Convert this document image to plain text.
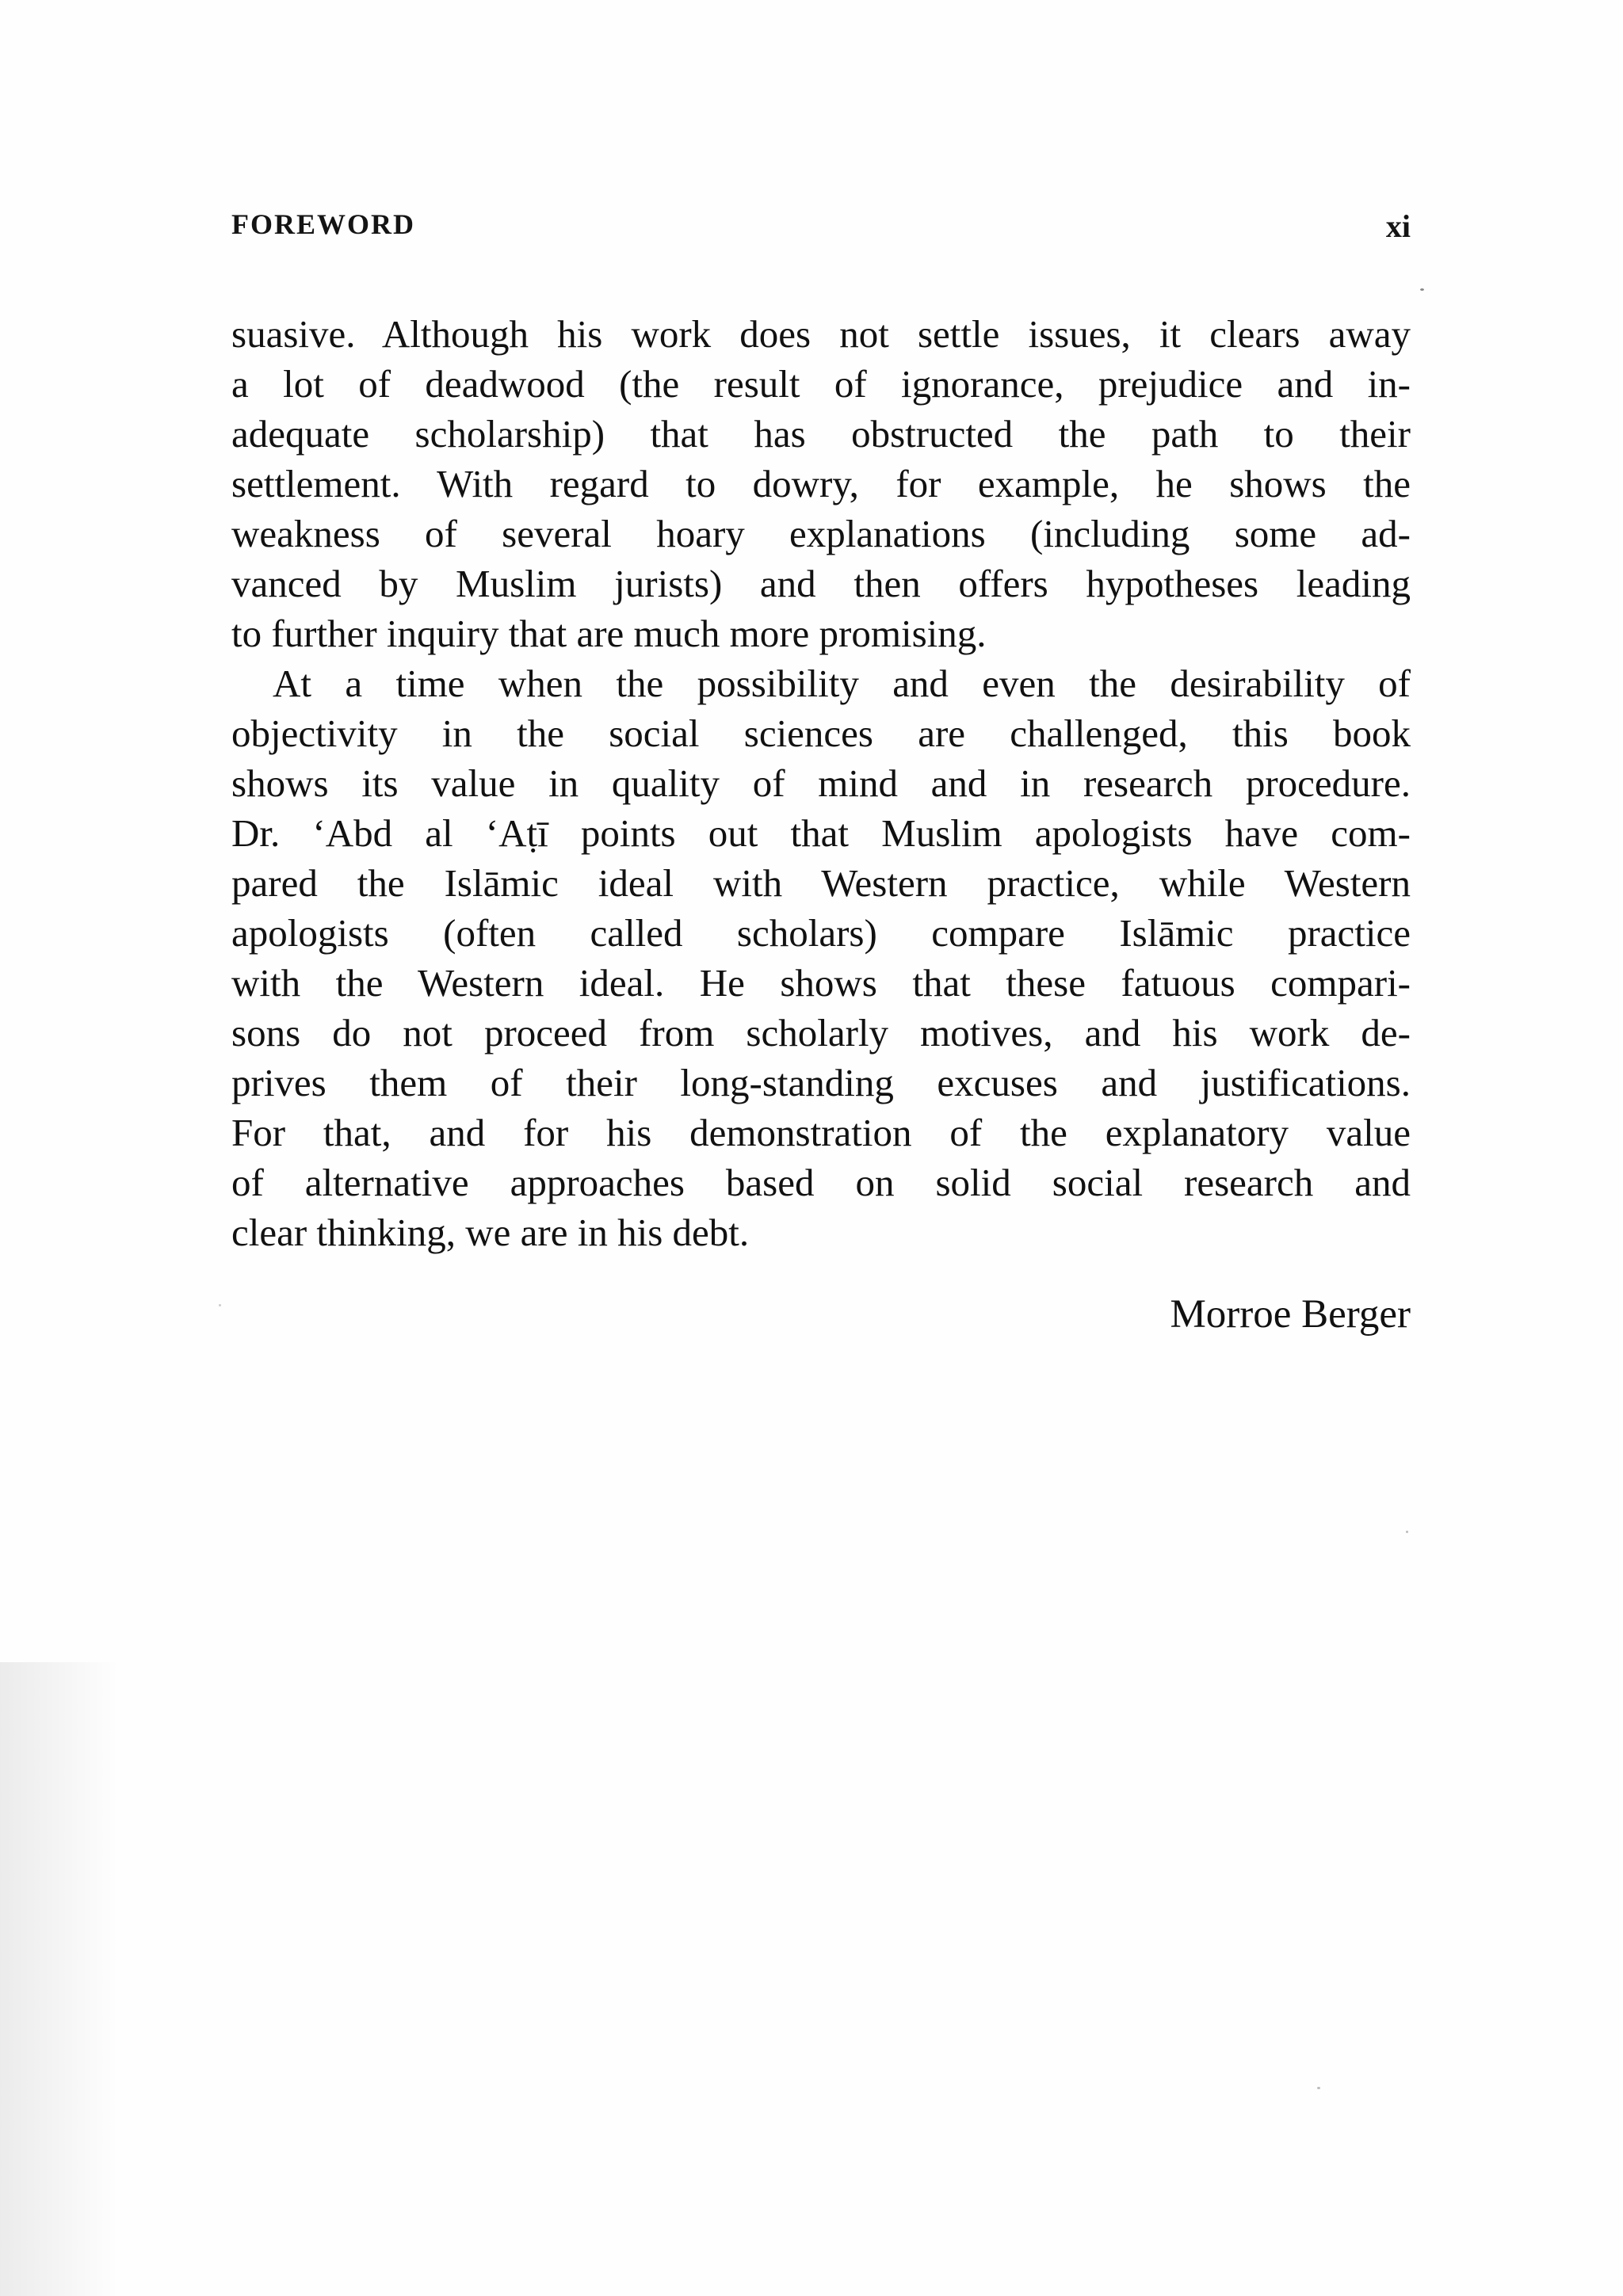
FOREWORD	xi
suasive. Although his work does not settle issues, it clears away
a lot of deadwood (the result of ignorance, prejudice and in-
adequate scholarship) that has obstructed the path to their
settlement. With regard to dowry, for example, he shows the
weakness of several hoary explanations (including some ad-
vanced by Muslim jurists) and then offers hypotheses leading
to further inquiry that are much more promising.
At a time when the possibility and even the desirability of
objectivity in the social sciences are challenged, this book
shows its value in quality of mind and in research procedure.
Dr. ‘Abd al ‘Aṭī points out that Muslim apologists have com-
pared the Islāmic ideal with Western practice, while Western
apologists (often called scholars) compare Islāmic practice
with the Western ideal. He shows that these fatuous compari-
sons do not proceed from scholarly motives, and his work de-
prives them of their long-standing excuses and justifications.
For that, and for his demonstration of the explanatory value
of alternative approaches based on solid social research and
clear thinking, we are in his debt.
Morroe Berger
